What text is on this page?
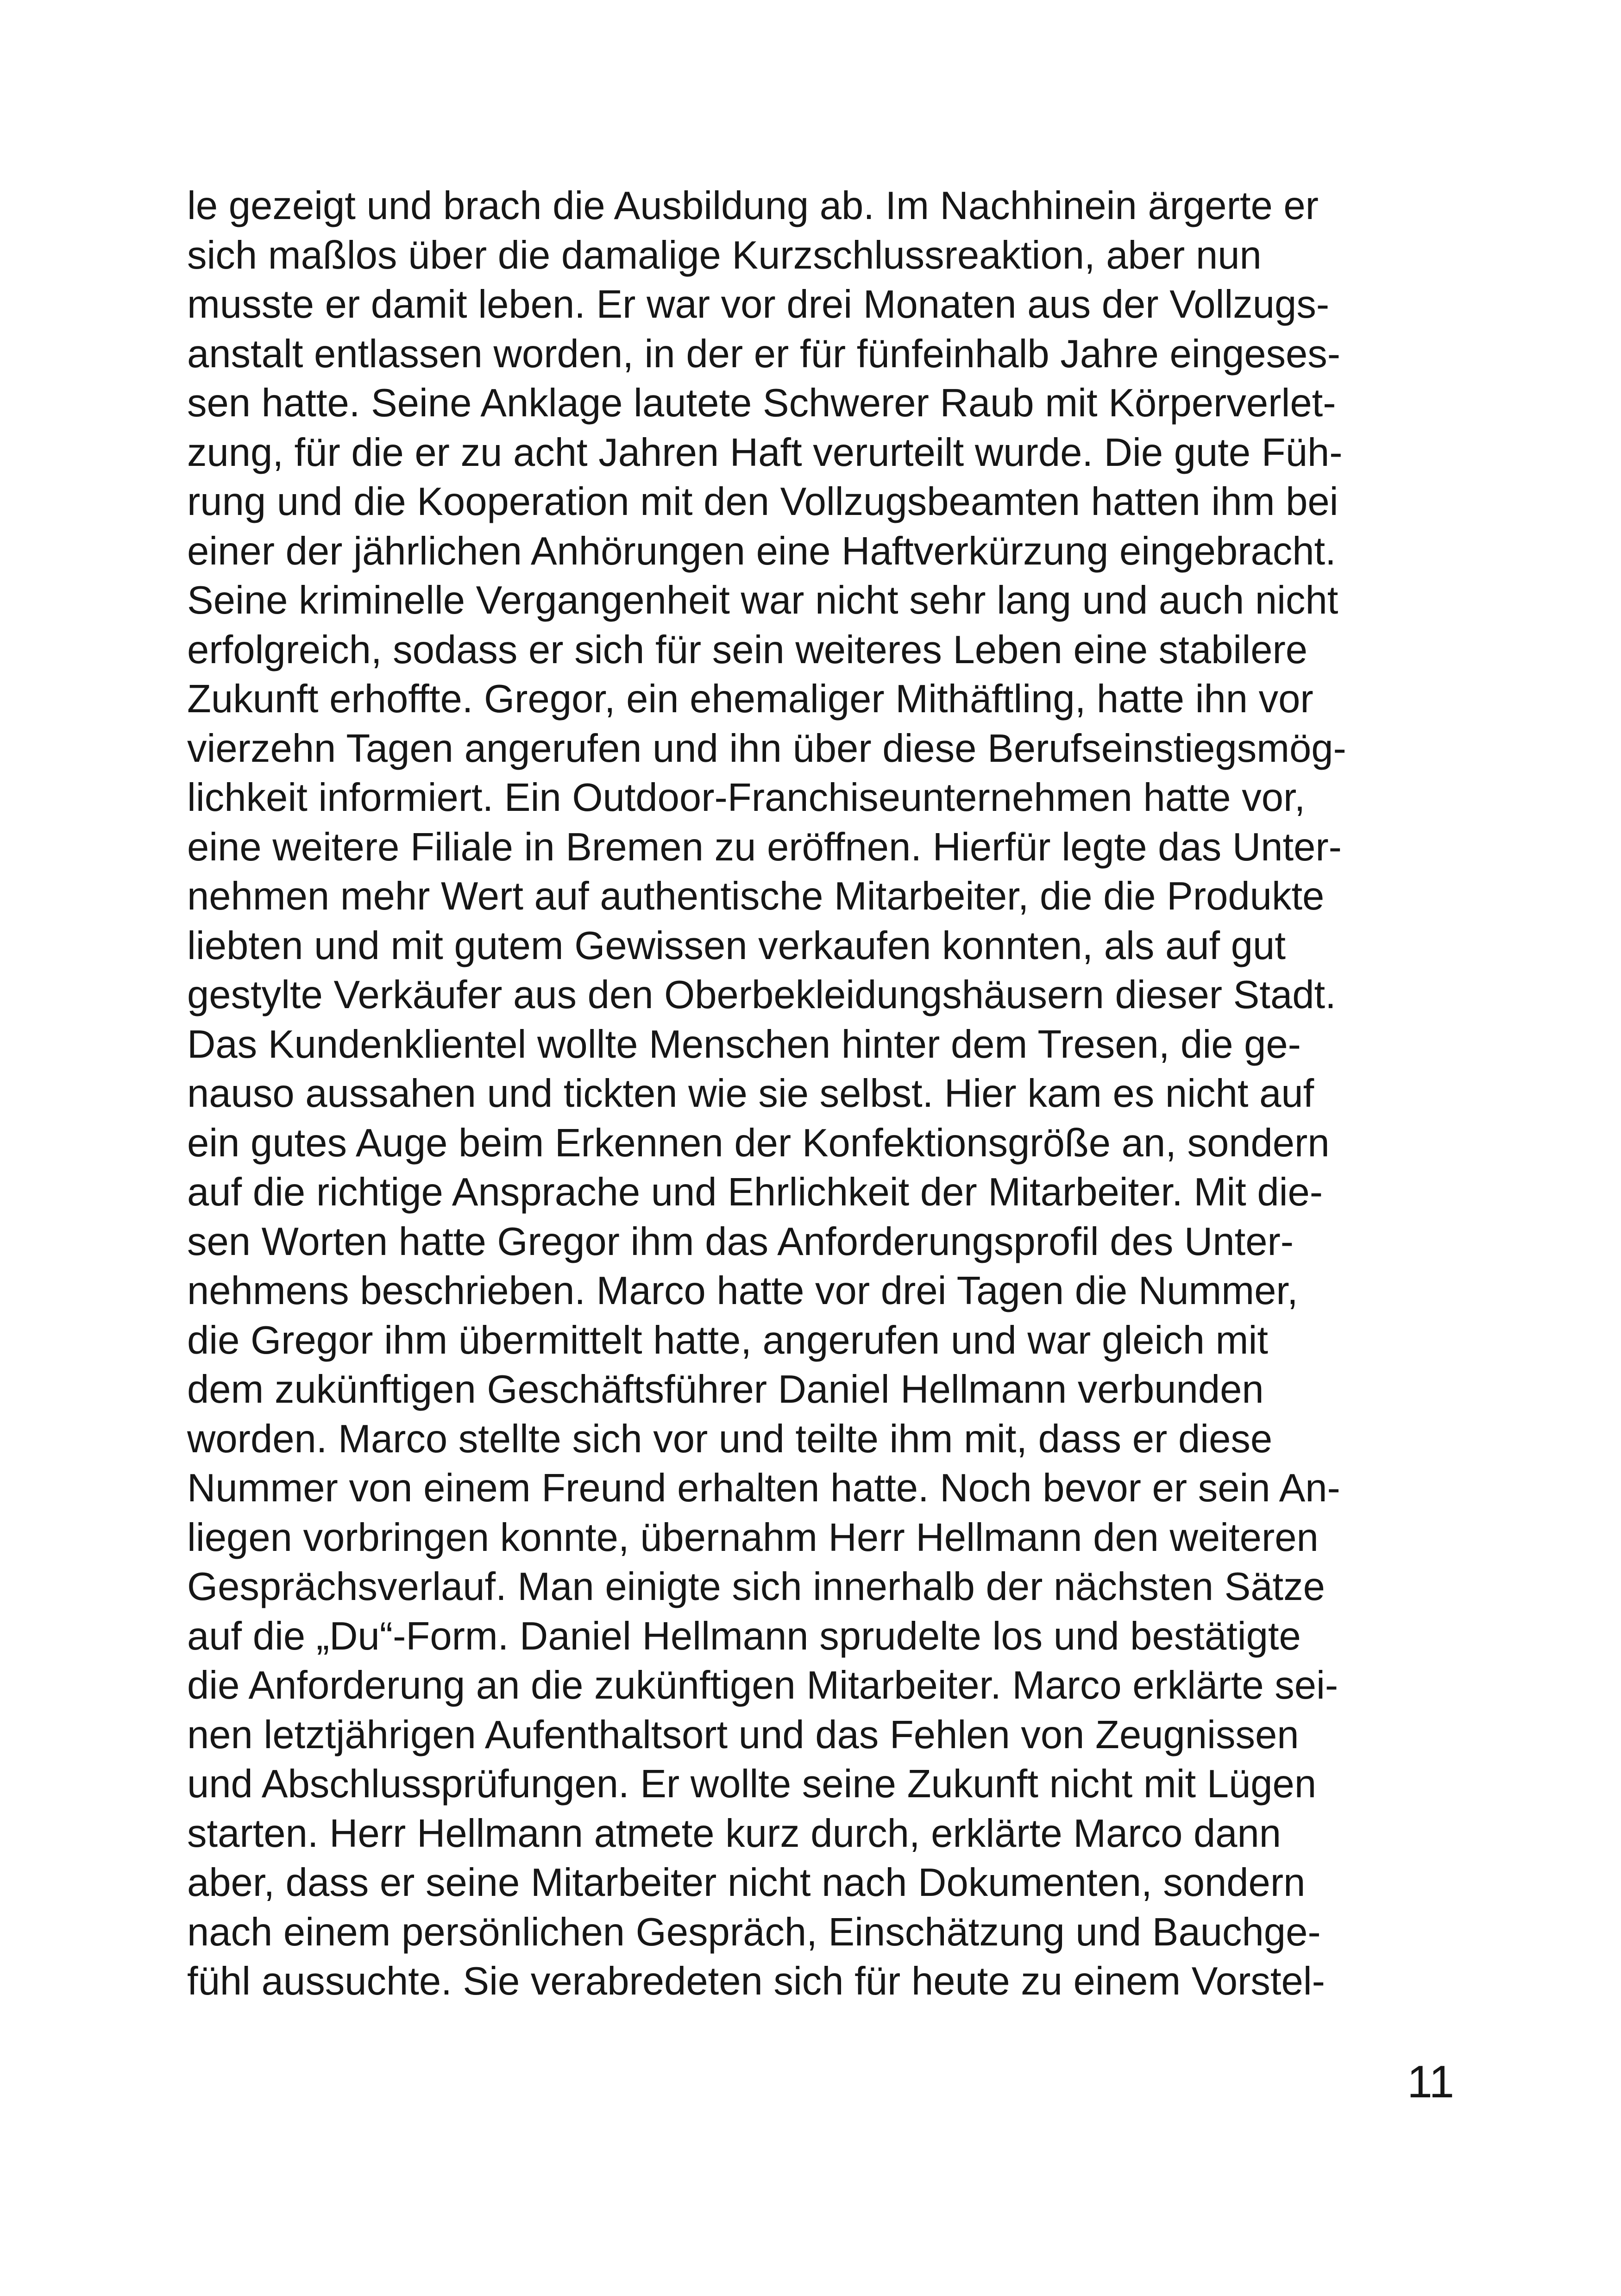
le gezeigt und brach die Ausbildung ab. Im Nachhinein ärgerte er
sich maßlos über die damalige Kurzschlussreaktion, aber nun
musste er damit leben. Er war vor drei Monaten aus der Vollzugs-
anstalt entlassen worden, in der er für fünfeinhalb Jahre eingeses-
sen hatte. Seine Anklage lautete Schwerer Raub mit Körperverlet-
zung, für die er zu acht Jahren Haft verurteilt wurde. Die gute Füh-
rung und die Kooperation mit den Vollzugsbeamten hatten ihm bei
einer der jährlichen Anhörungen eine Haftverkürzung eingebracht.
Seine kriminelle Vergangenheit war nicht sehr lang und auch nicht
erfolgreich, sodass er sich für sein weiteres Leben eine stabilere
Zukunft erhoffte. Gregor, ein ehemaliger Mithäftling, hatte ihn vor
vierzehn Tagen angerufen und ihn über diese Berufseinstiegsmög-
lichkeit informiert. Ein Outdoor-Franchiseunternehmen hatte vor,
eine weitere Filiale in Bremen zu eröffnen. Hierfür legte das Unter-
nehmen mehr Wert auf authentische Mitarbeiter, die die Produkte
liebten und mit gutem Gewissen verkaufen konnten, als auf gut
gestylte Verkäufer aus den Oberbekleidungshäusern dieser Stadt.
Das Kundenklientel wollte Menschen hinter dem Tresen, die ge-
nauso aussahen und tickten wie sie selbst. Hier kam es nicht auf
ein gutes Auge beim Erkennen der Konfektionsgröße an, sondern
auf die richtige Ansprache und Ehrlichkeit der Mitarbeiter. Mit die-
sen Worten hatte Gregor ihm das Anforderungsprofil des Unter-
nehmens beschrieben. Marco hatte vor drei Tagen die Nummer,
die Gregor ihm übermittelt hatte, angerufen und war gleich mit
dem zukünftigen Geschäftsführer Daniel Hellmann verbunden
worden. Marco stellte sich vor und teilte ihm mit, dass er diese
Nummer von einem Freund erhalten hatte. Noch bevor er sein An-
liegen vorbringen konnte, übernahm Herr Hellmann den weiteren
Gesprächsverlauf. Man einigte sich innerhalb der nächsten Sätze
auf die „Du“-Form. Daniel Hellmann sprudelte los und bestätigte
die Anforderung an die zukünftigen Mitarbeiter. Marco erklärte sei-
nen letztjährigen Aufenthaltsort und das Fehlen von Zeugnissen
und Abschlussprüfungen. Er wollte seine Zukunft nicht mit Lügen
starten. Herr Hellmann atmete kurz durch, erklärte Marco dann
aber, dass er seine Mitarbeiter nicht nach Dokumenten, sondern
nach einem persönlichen Gespräch, Einschätzung und Bauchge-
fühl aussuchte. Sie verabredeten sich für heute zu einem Vorstel-
11
